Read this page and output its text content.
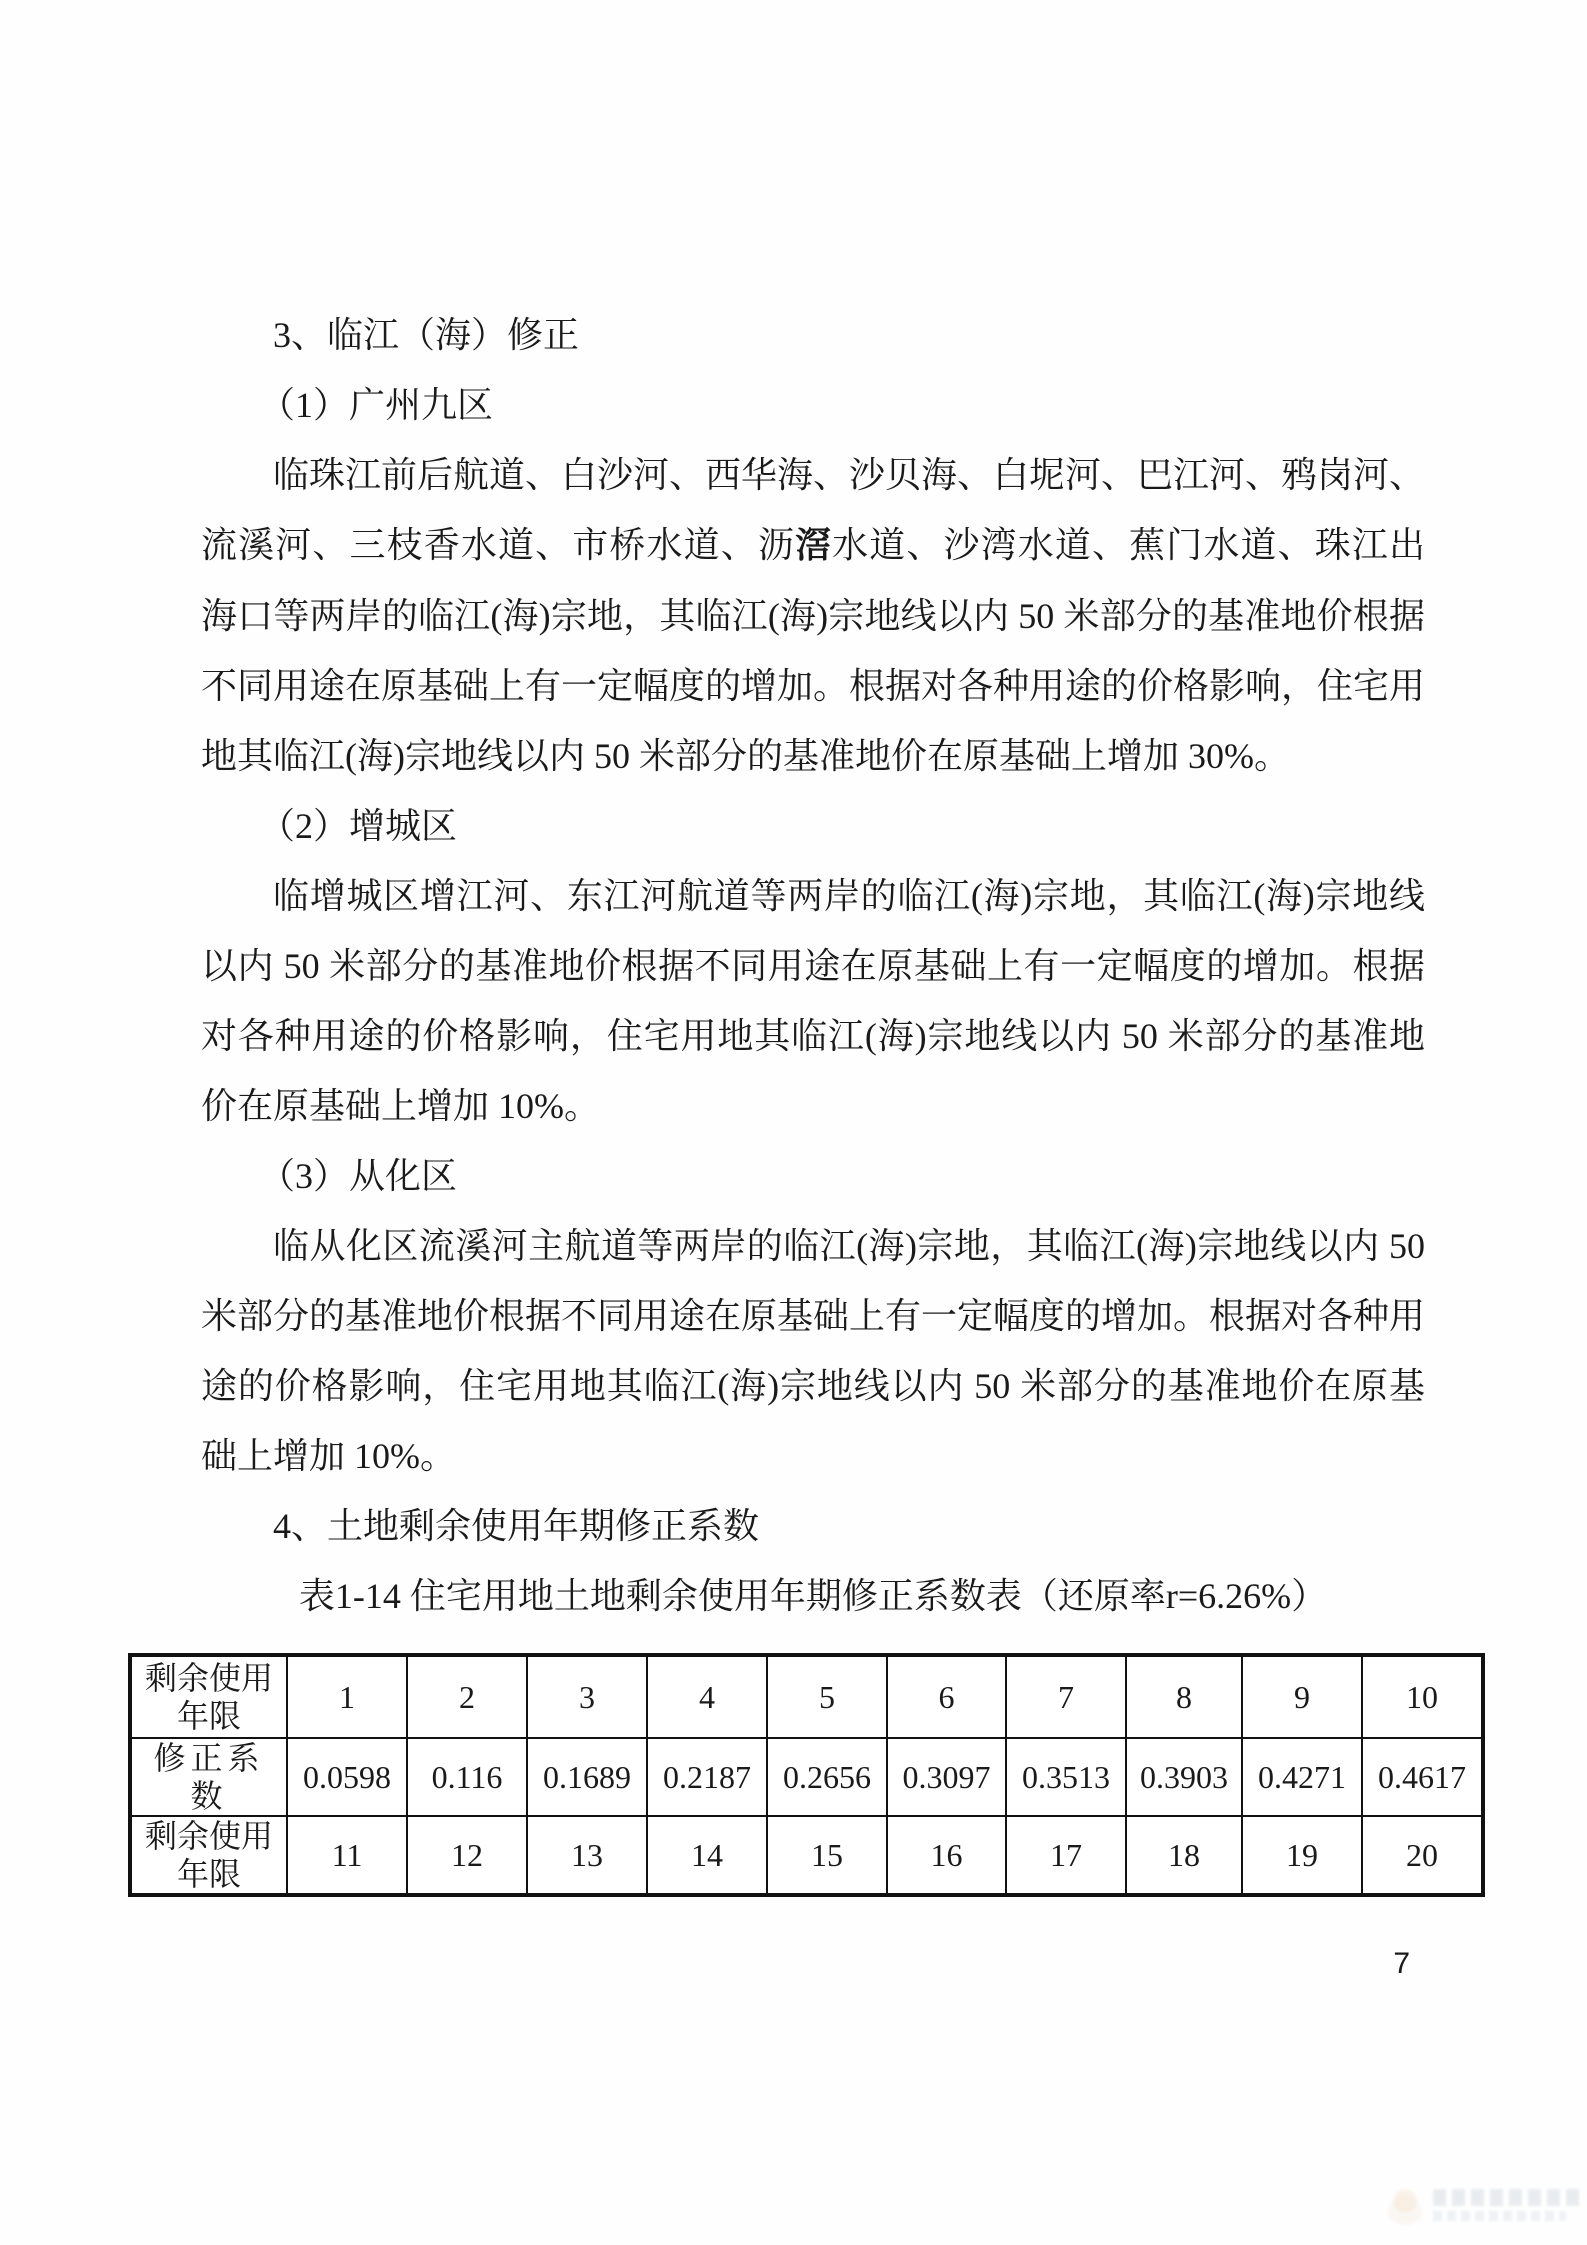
3、临江（海）修正
（1）广州九区

临珠江前后航道、白沙河、西华海、沙贝海、白坭河、巴江河、鸦岗河、流溪河、三枝香水道、市桥水道、沥滘水道、沙湾水道、蕉门水道、珠江出海口等两岸的临江(海)宗地，其临江(海)宗地线以内 50 米部分的基准地价根据不同用途在原基础上有一定幅度的增加。根据对各种用途的价格影响，住宅用地其临江(海)宗地线以内 50 米部分的基准地价在原基础上增加 30%。

（2）增城区

临增城区增江河、东江河航道等两岸的临江(海)宗地，其临江(海)宗地线以内 50 米部分的基准地价根据不同用途在原基础上有一定幅度的增加。根据对各种用途的价格影响，住宅用地其临江(海)宗地线以内 50 米部分的基准地价在原基础上增加 10%。

（3）从化区

临从化区流溪河主航道等两岸的临江(海)宗地，其临江(海)宗地线以内 50 米部分的基准地价根据不同用途在原基础上有一定幅度的增加。根据对各种用途的价格影响，住宅用地其临江(海)宗地线以内 50 米部分的基准地价在原基础上增加 10%。

4、土地剩余使用年期修正系数

表1-14 住宅用地土地剩余使用年期修正系数表（还原率r=6.26%）

剩余使用年限	1	2	3	4	5	6	7	8	9	10
修正系数	0.0598	0.116	0.1689	0.2187	0.2656	0.3097	0.3513	0.3903	0.4271	0.4617
剩余使用年限	11	12	13	14	15	16	17	18	19	20
7
